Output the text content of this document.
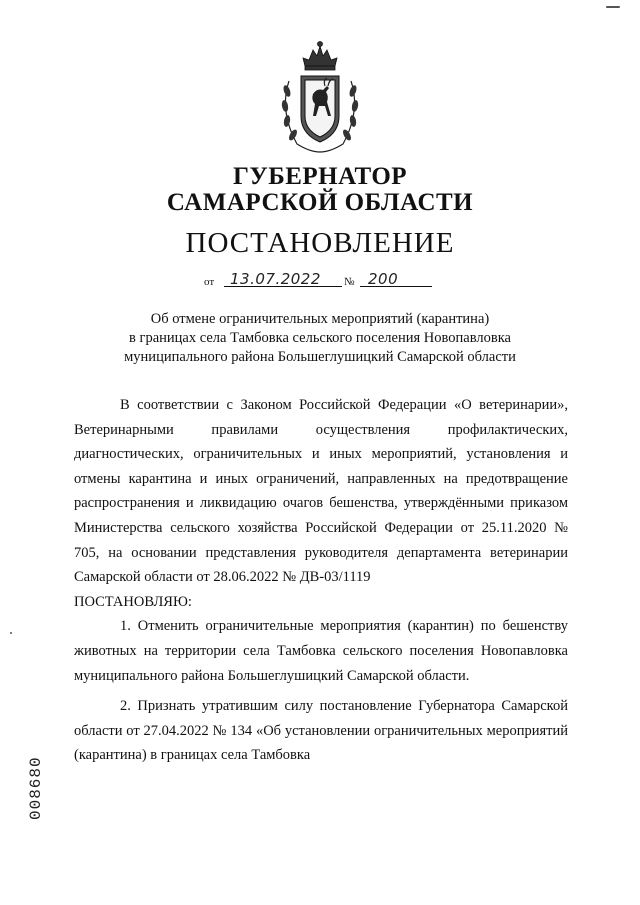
ГУБЕРНАТОР
САМАРСКОЙ ОБЛАСТИ
ПОСТАНОВЛЕНИЕ
от 13.07.2022 № 200
Об отмене ограничительных мероприятий (карантина)
в границах села Тамбовка сельского поселения Новопавловка
муниципального района Большеглушицкий Самарской области

В соответствии с Законом Российской Федерации «О ветеринарии», Ветеринарными правилами осуществления профилактических, диагностических, ограничительных и иных мероприятий, установления и отмены карантина и иных ограничений, направленных на предотвращение распространения и ликвидацию очагов бешенства, утверждёнными приказом Министерства сельского хозяйства Российской Федерации от 25.11.2020 № 705, на основании представления руководителя департамента ветеринарии Самарской области от 28.06.2022 № ДВ-03/1119

ПОСТАНОВЛЯЮ:

1. Отменить ограничительные мероприятия (карантин) по бешенству животных на территории села Тамбовка сельского поселения Новопавловка муниципального района Большеглушицкий Самарской области.

2. Признать утратившим силу постановление Губернатора Самарской области от 27.04.2022 № 134 «Об установлении ограничительных мероприятий (карантина) в границах села Тамбовка

008680
